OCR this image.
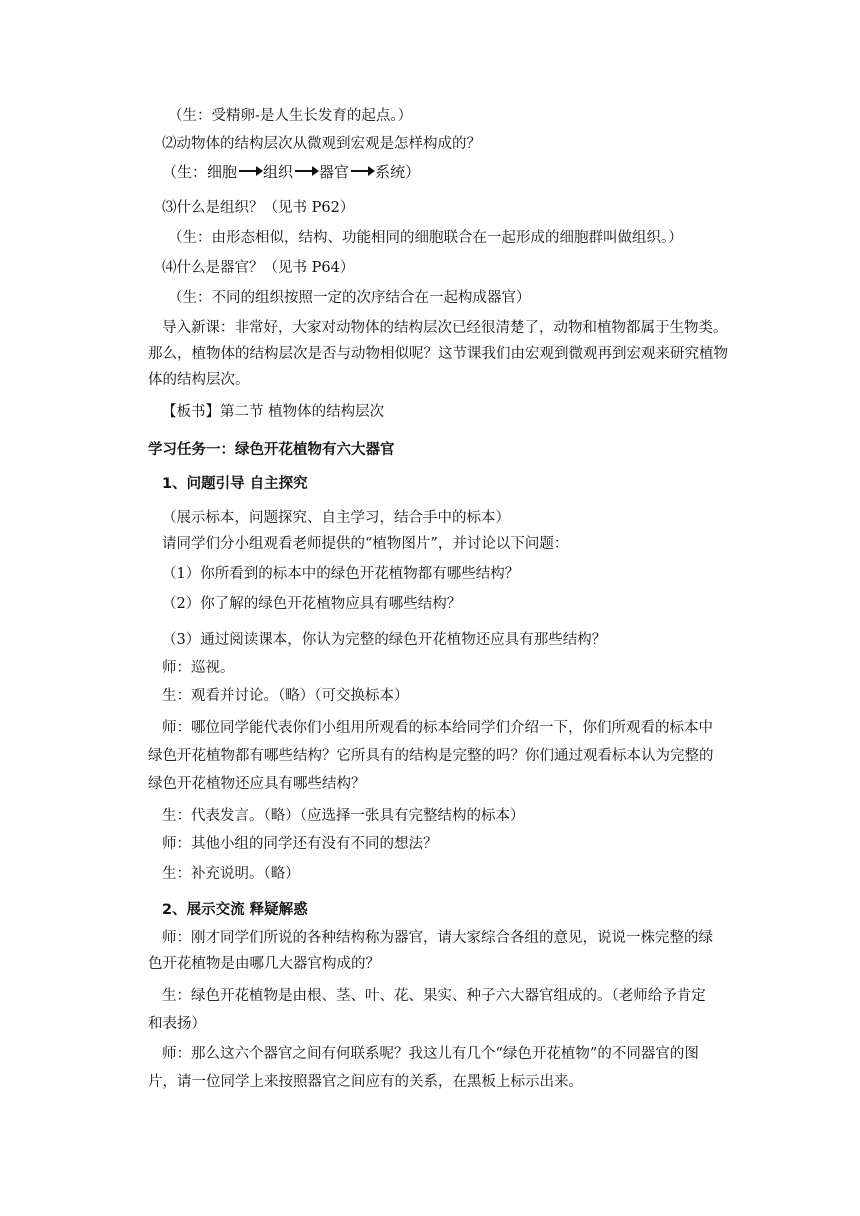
（生：受精卵-是人生长发育的起点。）
⑵动物体的结构层次从微观到宏观是怎样构成的？
（生： 细胞 组织 器官 系统）
⑶什么是组织？（见书 P62）
（生：由形态相似，结构、功能相同的细胞联合在一起形成的细胞群叫做组织。）
⑷什么是器官？（见书 P64）
（生：不同的组织按照一定的次序结合在一起构成器官）
导入新课：非常好，大家对动物体的结构层次已经很清楚了，动物和植物都属于生物类。
那么，植物体的结构层次是否与动物相似呢？这节课我们由宏观到微观再到宏观来研究植物
体的结构层次。
【板书】第二节 植物体的结构层次
学习任务一：绿色开花植物有六大器官
1、问题引导 自主探究
（展示标本，问题探究、自主学习，结合手中的标本）
请同学们分小组观看老师提供的“植物图片”，并讨论以下问题：
（1）你所看到的标本中的绿色开花植物都有哪些结构？
（2）你了解的绿色开花植物应具有哪些结构？
（3）通过阅读课本，你认为完整的绿色开花植物还应具有那些结构？
师：巡视。
生：观看并讨论。（略）（可交换标本）
师：哪位同学能代表你们小组用所观看的标本给同学们介绍一下，你们所观看的标本中
绿色开花植物都有哪些结构？它所具有的结构是完整的吗？你们通过观看标本认为完整的
绿色开花植物还应具有哪些结构？
生：代表发言。（略）（应选择一张具有完整结构的标本）
师：其他小组的同学还有没有不同的想法？
生：补充说明。（略）
2、展示交流 释疑解惑
师：刚才同学们所说的各种结构称为器官，请大家综合各组的意见，说说一株完整的绿
色开花植物是由哪几大器官构成的？
生：绿色开花植物是由根、茎、叶、花、果实、种子六大器官组成的。（老师给予肯定
和表扬）
师：那么这六个器官之间有何联系呢？我这儿有几个“绿色开花植物”的不同器官的图
片，请一位同学上来按照器官之间应有的关系，在黑板上标示出来。
